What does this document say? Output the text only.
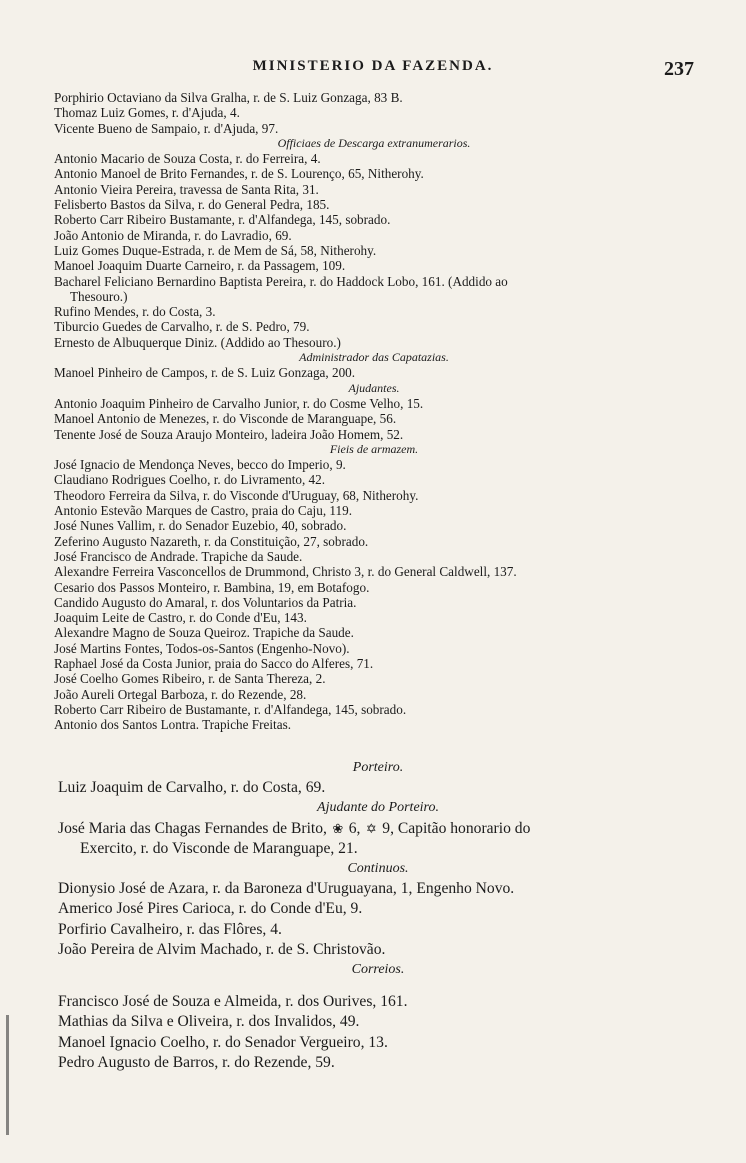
MINISTERIO DA FAZENDA.	237
Porphirio Octaviano da Silva Gralha, r. de S. Luiz Gonzaga, 83 B.
Thomaz Luiz Gomes, r. d'Ajuda, 4.
Vicente Bueno de Sampaio, r. d'Ajuda, 97.
Officiaes de Descarga extranumerarios.
Antonio Macario de Souza Costa, r. do Ferreira, 4.
Antonio Manoel de Brito Fernandes, r. de S. Lourenço, 65, Nitherohy.
Antonio Vieira Pereira, travessa de Santa Rita, 31.
Felisberto Bastos da Silva, r. do General Pedra, 185.
Roberto Carr Ribeiro Bustamante, r. d'Alfandega, 145, sobrado.
João Antonio de Miranda, r. do Lavradio, 69.
Luiz Gomes Duque-Estrada, r. de Mem de Sá, 58, Nitherohy.
Manoel Joaquim Duarte Carneiro, r. da Passagem, 109.
Bacharel Feliciano Bernardino Baptista Pereira, r. do Haddock Lobo, 161. (Addido ao
Thesouro.)
Rufino Mendes, r. do Costa, 3.
Tiburcio Guedes de Carvalho, r. de S. Pedro, 79.
Ernesto de Albuquerque Diniz. (Addido ao Thesouro.)
Administrador das Capatazias.
Manoel Pinheiro de Campos, r. de S. Luiz Gonzaga, 200.
Ajudantes.
Antonio Joaquim Pinheiro de Carvalho Junior, r. do Cosme Velho, 15.
Manoel Antonio de Menezes, r. do Visconde de Maranguape, 56.
Tenente José de Souza Araujo Monteiro, ladeira João Homem, 52.
Fieis de armazem.
José Ignacio de Mendonça Neves, becco do Imperio, 9.
Claudiano Rodrigues Coelho, r. do Livramento, 42.
Theodoro Ferreira da Silva, r. do Visconde d'Uruguay, 68, Nitherohy.
Antonio Estevão Marques de Castro, praia do Caju, 119.
José Nunes Vallim, r. do Senador Euzebio, 40, sobrado.
Zeferino Augusto Nazareth, r. da Constituição, 27, sobrado.
José Francisco de Andrade. Trapiche da Saude.
Alexandre Ferreira Vasconcellos de Drummond, Christo 3, r. do General Caldwell, 137.
Cesario dos Passos Monteiro, r. Bambina, 19, em Botafogo.
Candido Augusto do Amaral, r. dos Voluntarios da Patria.
Joaquim Leite de Castro, r. do Conde d'Eu, 143.
Alexandre Magno de Souza Queiroz. Trapiche da Saude.
José Martins Fontes, Todos-os-Santos (Engenho-Novo).
Raphael José da Costa Junior, praia do Sacco do Alferes, 71.
José Coelho Gomes Ribeiro, r. de Santa Thereza, 2.
João Aureli Ortegal Barboza, r. do Rezende, 28.
Roberto Carr Ribeiro de Bustamante, r. d'Alfandega, 145, sobrado.
Antonio dos Santos Lontra. Trapiche Freitas.
Porteiro.
Luiz Joaquim de Carvalho, r. do Costa, 69.
Ajudante do Porteiro.
José Maria das Chagas Fernandes de Brito, ❀ 6, ✡ 9, Capitão honorario do
Exercito, r. do Visconde de Maranguape, 21.
Continuos.
Dionysio José de Azara, r. da Baroneza d'Uruguayana, 1, Engenho Novo.
Americo José Pires Carioca, r. do Conde d'Eu, 9.
Porfirio Cavalheiro, r. das Flôres, 4.
João Pereira de Alvim Machado, r. de S. Christovão.
Correios.
Francisco José de Souza e Almeida, r. dos Ourives, 161.
Mathias da Silva e Oliveira, r. dos Invalidos, 49.
Manoel Ignacio Coelho, r. do Senador Vergueiro, 13.
Pedro Augusto de Barros, r. do Rezende, 59.
